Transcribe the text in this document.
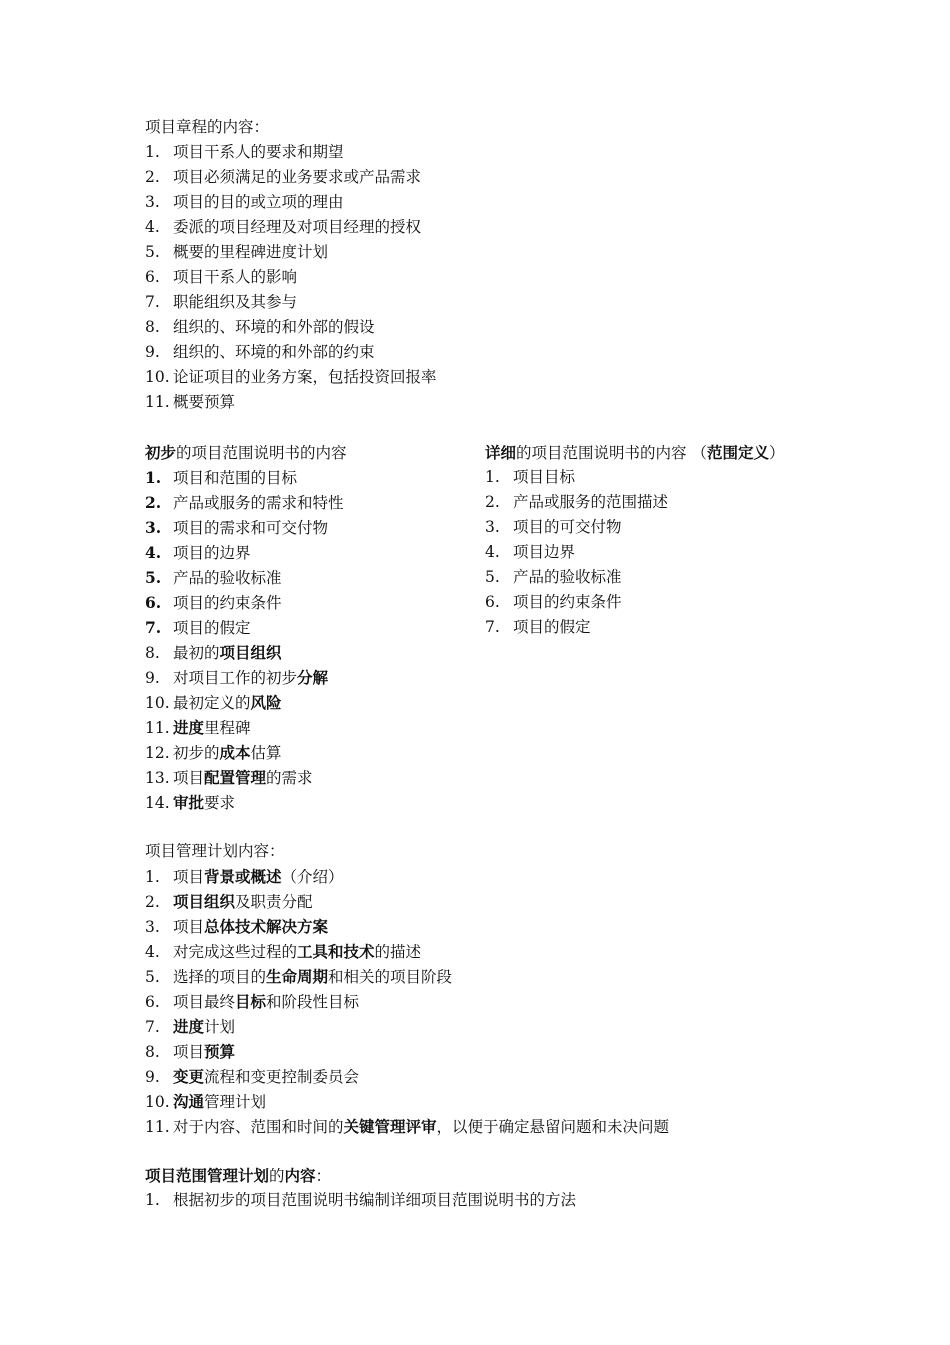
项目章程的内容：
1. 项目干系人的要求和期望
2. 项目必须满足的业务要求或产品需求
3. 项目的目的或立项的理由
4. 委派的项目经理及对项目经理的授权
5. 概要的里程碑进度计划
6. 项目干系人的影响
7. 职能组织及其参与
8. 组织的、环境的和外部的假设
9. 组织的、环境的和外部的约束
10. 论证项目的业务方案，包括投资回报率
11. 概要预算
初步的项目范围说明书的内容
1. 项目和范围的目标
2. 产品或服务的需求和特性
3. 项目的需求和可交付物
4. 项目的边界
5. 产品的验收标准
6. 项目的约束条件
7. 项目的假定
8. 最初的项目组织
9. 对项目工作的初步分解
10. 最初定义的风险
11. 进度里程碑
12. 初步的成本估算
13. 项目配置管理的需求
14. 审批要求
详细的项目范围说明书的内容 （范围定义）
1. 项目目标
2. 产品或服务的范围描述
3. 项目的可交付物
4. 项目边界
5. 产品的验收标准
6. 项目的约束条件
7. 项目的假定
项目管理计划内容：
1. 项目背景或概述（介绍）
2. 项目组织及职责分配
3. 项目总体技术解决方案
4. 对完成这些过程的工具和技术的描述
5. 选择的项目的生命周期和相关的项目阶段
6. 项目最终目标和阶段性目标
7. 进度计划
8. 项目预算
9. 变更流程和变更控制委员会
10. 沟通管理计划
11. 对于内容、范围和时间的关键管理评审，以便于确定悬留问题和未决问题
项目范围管理计划的内容：
1. 根据初步的项目范围说明书编制详细项目范围说明书的方法
